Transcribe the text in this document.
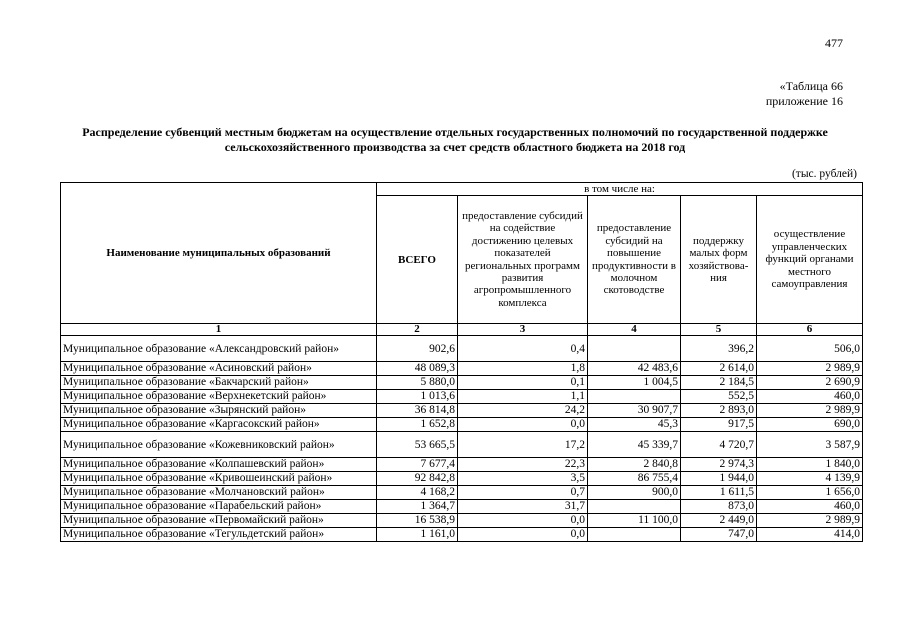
477
«Таблица 66
приложение 16
Распределение субвенций местным бюджетам на осуществление отдельных государственных полномочий по государственной поддержке сельскохозяйственного производства за счет средств областного бюджета на 2018 год
(тыс. рублей)
Наименование муниципальных образований	в том числе на:				
	ВСЕГО	предоставление субсидий на содействие достижению целевых показателей региональных программ развития агропромышленного комплекса	предоставление субсидий на повышение продуктивности в молочном скотоводстве	поддержку малых форм хозяйствова-ния	осуществление управленческих функций органами местного самоуправления
1	2	3	4	5	6
Муниципальное образование «Александровский район»	902,6	0,4		396,2	506,0
Муниципальное образование «Асиновский район»	48 089,3	1,8	42 483,6	2 614,0	2 989,9
Муниципальное образование «Бакчарский район»	5 880,0	0,1	1 004,5	2 184,5	2 690,9
Муниципальное образование «Верхнекетский район»	1 013,6	1,1		552,5	460,0
Муниципальное образование «Зырянский район»	36 814,8	24,2	30 907,7	2 893,0	2 989,9
Муниципальное образование «Каргасокский район»	1 652,8	0,0	45,3	917,5	690,0
Муниципальное образование «Кожевниковский район»	53 665,5	17,2	45 339,7	4 720,7	3 587,9
Муниципальное образование «Колпашевский район»	7 677,4	22,3	2 840,8	2 974,3	1 840,0
Муниципальное образование «Кривошеинский район»	92 842,8	3,5	86 755,4	1 944,0	4 139,9
Муниципальное образование «Молчановский район»	4 168,2	0,7	900,0	1 611,5	1 656,0
Муниципальное образование «Парабельский район»	1 364,7	31,7		873,0	460,0
Муниципальное образование «Первомайский район»	16 538,9	0,0	11 100,0	2 449,0	2 989,9
Муниципальное образование «Тегульдетский район»	1 161,0	0,0		747,0	414,0
